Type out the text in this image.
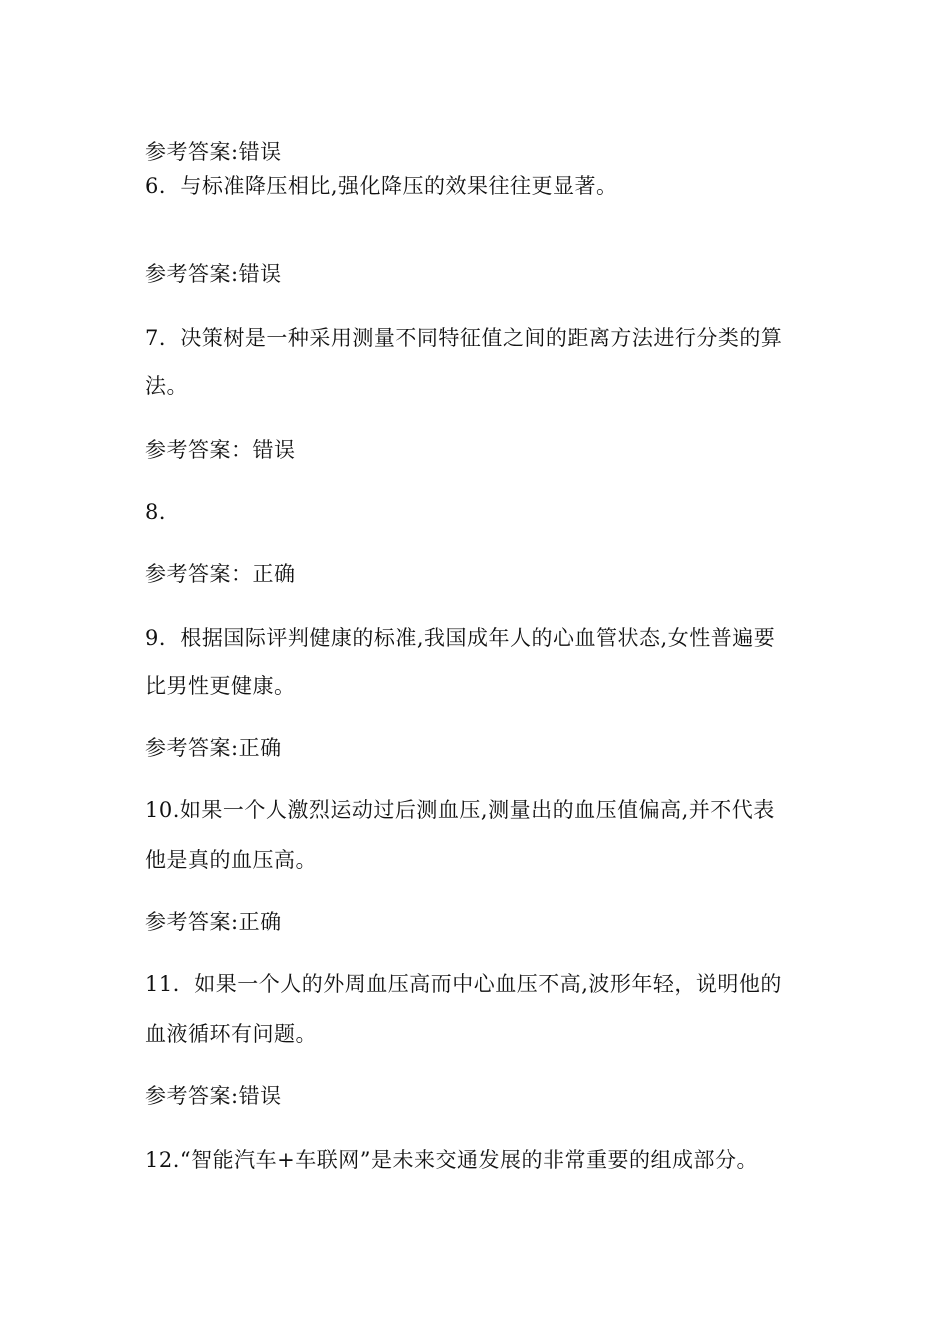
参考答案:错误
6．与标准降压相比,强化降压的效果往往更显著。
参考答案:错误
7．决策树是一种采用测量不同特征值之间的距离方法进行分类的算
法。
参考答案：错误
8．
参考答案：正确
9．根据国际评判健康的标准,我国成年人的心血管状态,女性普遍要
比男性更健康。
参考答案:正确
10.如果一个人激烈运动过后测血压,测量出的血压值偏高,并不代表
他是真的血压高。
参考答案:正确
11．如果一个人的外周血压高而中心血压不高,波形年轻，说明他的
血液循环有问题。
参考答案:错误
12.“智能汽车+车联网”是未来交通发展的非常重要的组成部分。
